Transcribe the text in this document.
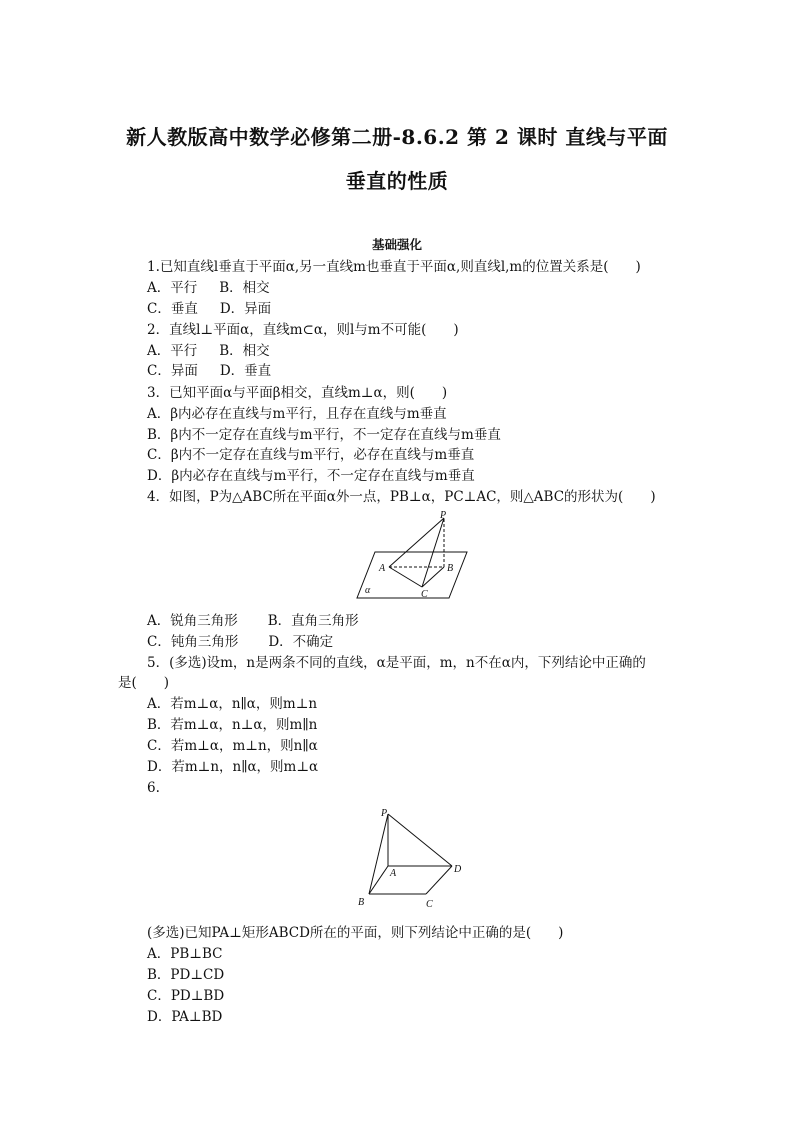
新人教版高中数学必修第二册-8.6.2 第 2 课时 直线与平面
垂直的性质
基础强化
1.已知直线l垂直于平面α,另一直线m也垂直于平面α,则直线l,m的位置关系是(　　)
A．平行 B．相交
C．垂直 D．异面
2．直线l⊥平面α，直线m⊂α，则l与m不可能(　　)
A．平行 B．相交
C．异面 D．垂直
3．已知平面α与平面β相交，直线m⊥α，则(　　)
A．β内必存在直线与m平行，且存在直线与m垂直
B．β内不一定存在直线与m平行，不一定存在直线与m垂直
C．β内不一定存在直线与m平行，必存在直线与m垂直
D．β内必存在直线与m平行，不一定存在直线与m垂直
4．如图，P为△ABC所在平面α外一点，PB⊥α，PC⊥AC，则△ABC的形状为(　　)
P
A	B
C
α
A．锐角三角形 B．直角三角形
C．钝角三角形 D．不确定
5．(多选)设m，n是两条不同的直线，α是平面，m，n不在α内，下列结论中正确的
是(　　)
A．若m⊥α，n∥α，则m⊥n
B．若m⊥α，n⊥α，则m∥n
C．若m⊥α，m⊥n，则n∥α
D．若m⊥n，n∥α，则m⊥α
6.
P
A
B	C
D
(多选)已知PA⊥矩形ABCD所在的平面，则下列结论中正确的是(　　)
A．PB⊥BC
B．PD⊥CD
C．PD⊥BD
D．PA⊥BD
